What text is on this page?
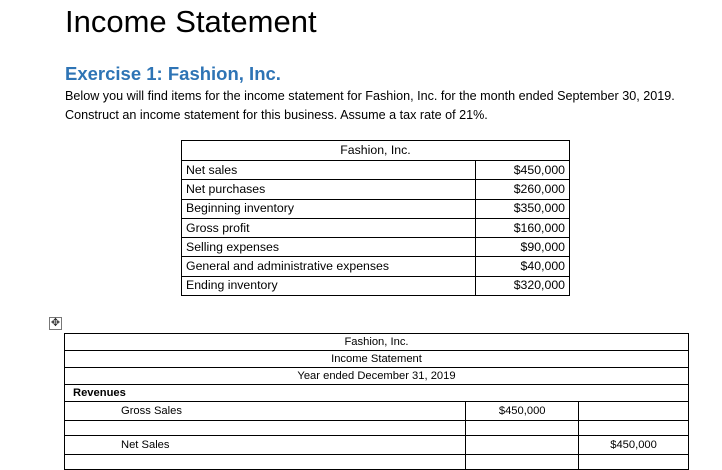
Income Statement
Exercise 1: Fashion, Inc.

Below you will find items for the income statement for Fashion, Inc. for the month ended September 30, 2019. Construct an income statement for this business. Assume a tax rate of 21%.

Fashion, Inc.	
Net sales	$450,000
Net purchases	$260,000
Beginning inventory	$350,000
Gross profit	$160,000
Selling expenses	$90,000
General and administrative expenses	$40,000
Ending inventory	$320,000
✥
Fashion, Inc.		
Income Statement		
Year ended December 31, 2019		
Revenues		
Gross Sales	$450,000	

Net Sales		$450,000
